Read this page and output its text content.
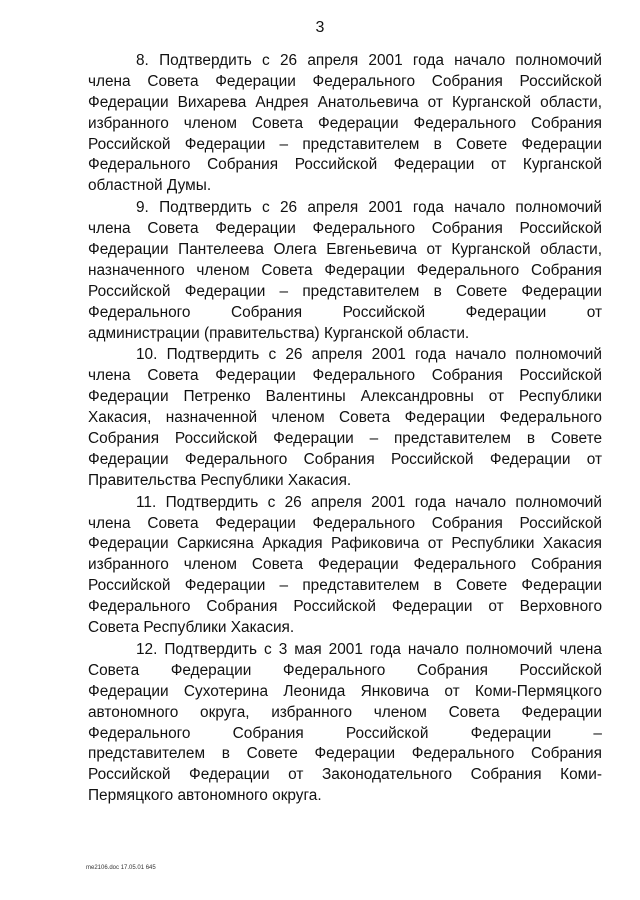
3
8. Подтвердить с 26 апреля 2001 года начало полномочий
члена Совета Федерации Федерального Собрания Российской
Федерации Вихарева Андрея Анатольевича от Курганской области,
избранного членом Совета Федерации Федерального Собрания
Российской Федерации – представителем в Совете Федерации
Федерального Собрания Российской Федерации от Курганской
областной Думы.
9. Подтвердить с 26 апреля 2001 года начало полномочий
члена Совета Федерации Федерального Собрания Российской
Федерации Пантелеева Олега Евгеньевича от Курганской области,
назначенного членом Совета Федерации Федерального Собрания
Российской Федерации – представителем в Совете Федерации
Федерального Собрания Российской Федерации от
администрации (правительства) Курганской области.
10. Подтвердить с 26 апреля 2001 года начало полномочий
члена Совета Федерации Федерального Собрания Российской
Федерации Петренко Валентины Александровны от Республики
Хакасия, назначенной членом Совета Федерации Федерального
Собрания Российской Федерации – представителем в Совете
Федерации Федерального Собрания Российской Федерации от
Правительства Республики Хакасия.
11. Подтвердить с 26 апреля 2001 года начало полномочий
члена Совета Федерации Федерального Собрания Российской
Федерации Саркисяна Аркадия Рафиковича от Республики Хакасия
избранного членом Совета Федерации Федерального Собрания
Российской Федерации – представителем в Совете Федерации
Федерального Собрания Российской Федерации от Верховного
Совета Республики Хакасия.
12. Подтвердить с 3 мая 2001 года начало полномочий члена
Совета Федерации Федерального Собрания Российской
Федерации Сухотерина Леонида Янковича от Коми-Пермяцкого
автономного округа, избранного членом Совета Федерации
Федерального Собрания Российской Федерации –
представителем в Совете Федерации Федерального Собрания
Российской Федерации от Законодательного Собрания Коми-
Пермяцкого автономного округа.
me2106.doc 17.05.01 645
